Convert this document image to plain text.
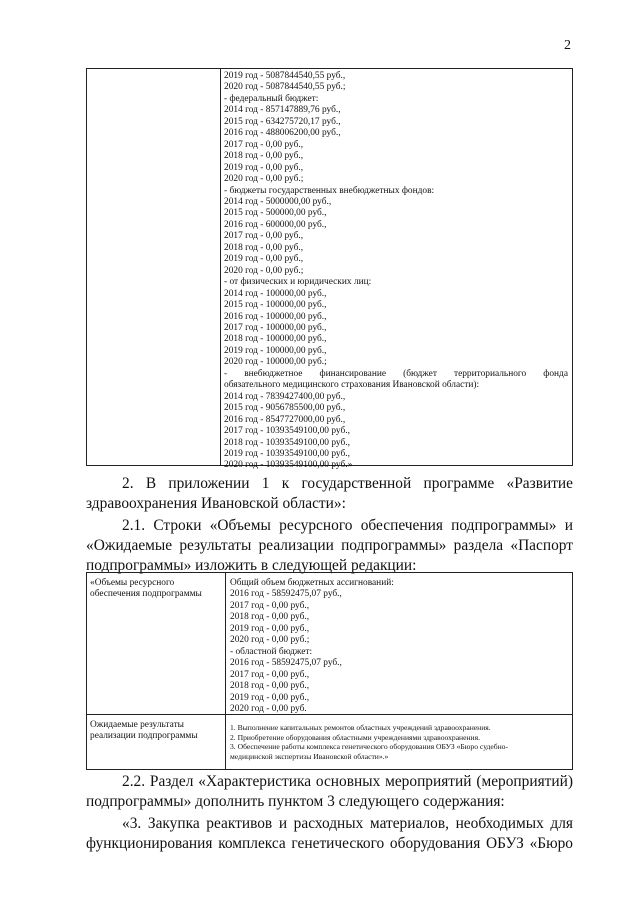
2
2019 год - 5087844540,55 руб.,
2020 год - 5087844540,55 руб.;
- федеральный бюджет:
2014 год - 857147889,76 руб.,
2015 год - 634275720,17 руб.,
2016 год - 488006200,00 руб.,
2017 год - 0,00 руб.,
2018 год - 0,00 руб.,
2019 год - 0,00 руб.,
2020 год - 0,00 руб.;
- бюджеты государственных внебюджетных фондов:
2014 год - 5000000,00 руб.,
2015 год - 500000,00 руб.,
2016 год - 600000,00 руб.,
2017 год - 0,00 руб.,
2018 год - 0,00 руб.,
2019 год - 0,00 руб.,
2020 год - 0,00 руб.;
- от физических и юридических лиц:
2014 год - 100000,00 руб.,
2015 год - 100000,00 руб.,
2016 год - 100000,00 руб.,
2017 год - 100000,00 руб.,
2018 год - 100000,00 руб.,
2019 год - 100000,00 руб.,
2020 год - 100000,00 руб.;
- внебюджетное финансирование (бюджет территориального фонда
обязательного медицинского страхования Ивановской области):
2014 год - 7839427400,00 руб.,
2015 год - 9056785500,00 руб.,
2016 год - 8547727000,00 руб.,
2017 год - 10393549100,00 руб.,
2018 год - 10393549100,00 руб.,
2019 год - 10393549100,00 руб.,
2020 год - 10393549100,00 руб.»
2. В приложении 1 к государственной программе «Развитие
здравоохранения Ивановской области»:
2.1. Строки «Объемы ресурсного обеспечения подпрограммы» и
«Ожидаемые результаты реализации подпрограммы» раздела «Паспорт
подпрограммы» изложить в следующей редакции:
«Объемы ресурсного
обеспечения подпрограммы
Общий объем бюджетных ассигнований:
2016 год - 58592475,07 руб.,
2017 год - 0,00 руб.,
2018 год - 0,00 руб.,
2019 год - 0,00 руб.,
2020 год - 0,00 руб.;
- областной бюджет:
2016 год - 58592475,07 руб.,
2017 год - 0,00 руб.,
2018 год - 0,00 руб.,
2019 год - 0,00 руб.,
2020 год - 0,00 руб.
Ожидаемые результаты
реализации подпрограммы
1. Выполнение капитальных ремонтов областных учреждений здравоохранения.
2. Приобретение оборудования областными учреждениями здравоохранения.
3. Обеспечение работы комплекса генетического оборудования ОБУЗ «Бюро судебно-
медицинской экспертизы Ивановской области».»
2.2. Раздел «Характеристика основных мероприятий (мероприятий)
подпрограммы» дополнить пунктом 3 следующего содержания:
«3. Закупка реактивов и расходных материалов, необходимых для
функционирования комплекса генетического оборудования ОБУЗ «Бюро
